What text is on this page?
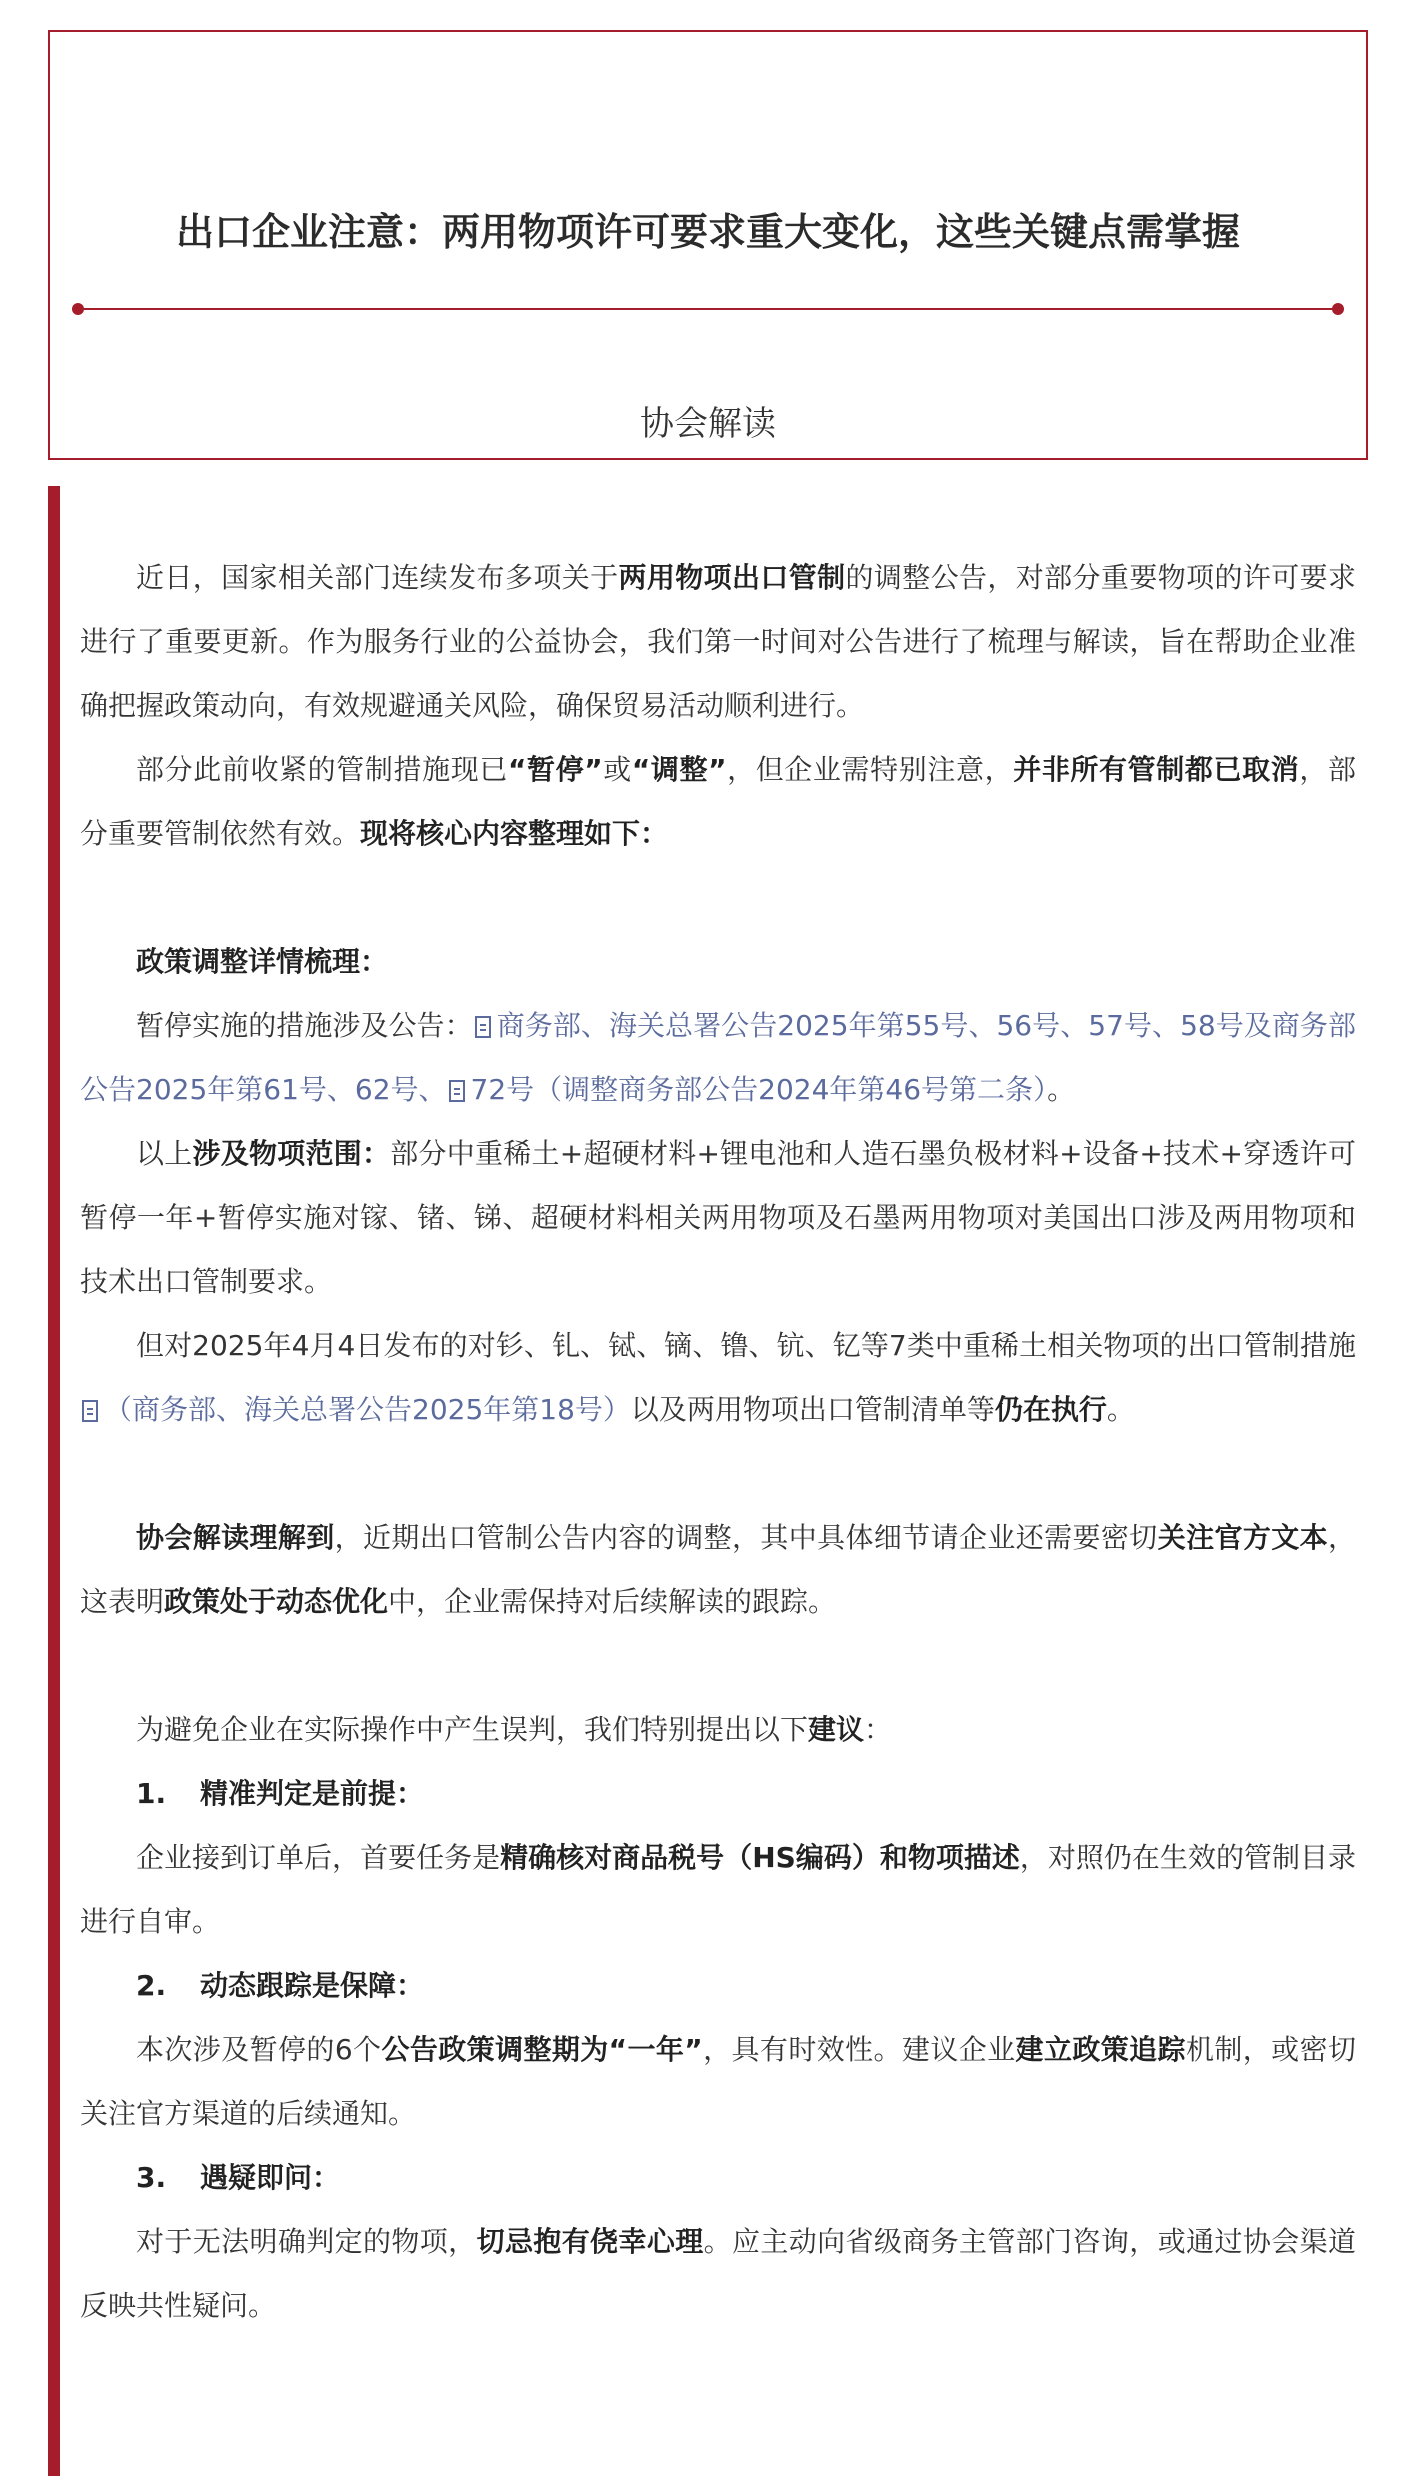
出口企业注意：两用物项许可要求重大变化，这些关键点需掌握
协会解读

近日，国家相关部门连续发布多项关于两用物项出口管制的调整公告，对部分重要物项的许可要求进行了重要更新。作为服务行业的公益协会，我们第一时间对公告进行了梳理与解读，旨在帮助企业准确把握政策动向，有效规避通关风险，确保贸易活动顺利进行。

部分此前收紧的管制措施现已“暂停”或“调整”，但企业需特别注意，并非所有管制都已取消，部分重要管制依然有效。现将核心内容整理如下：

政策调整详情梳理：

暂停实施的措施涉及公告： 商务部、海关总署公告2025年第55号、56号、57号、58号及商务部公告2025年第61号、62号、 72号（调整商务部公告2024年第46号第二条）。

以上涉及物项范围：部分中重稀土+超硬材料+锂电池和人造石墨负极材料+设备+技术+穿透许可暂停一年+暂停实施对镓、锗、锑、超硬材料相关两用物项及石墨两用物项对美国出口涉及两用物项和技术出口管制要求。

但对2025年4月4日发布的对钐、钆、铽、镝、镥、钪、钇等7类中重稀土相关物项的出口管制措施（商务部、海关总署公告2025年第18号）以及两用物项出口管制清单等仍在执行。

协会解读理解到，近期出口管制公告内容的调整，其中具体细节请企业还需要密切关注官方文本，这表明政策处于动态优化中，企业需保持对后续解读的跟踪。

为避免企业在实际操作中产生误判，我们特别提出以下建议：

1. 精准判定是前提：

企业接到订单后，首要任务是精确核对商品税号（HS编码）和物项描述，对照仍在生效的管制目录进行自审。

2. 动态跟踪是保障：

本次涉及暂停的6个公告政策调整期为“一年”，具有时效性。建议企业建立政策追踪机制，或密切关注官方渠道的后续通知。

3. 遇疑即问：

对于无法明确判定的物项，切忌抱有侥幸心理。应主动向省级商务主管部门咨询，或通过协会渠道反映共性疑问。
